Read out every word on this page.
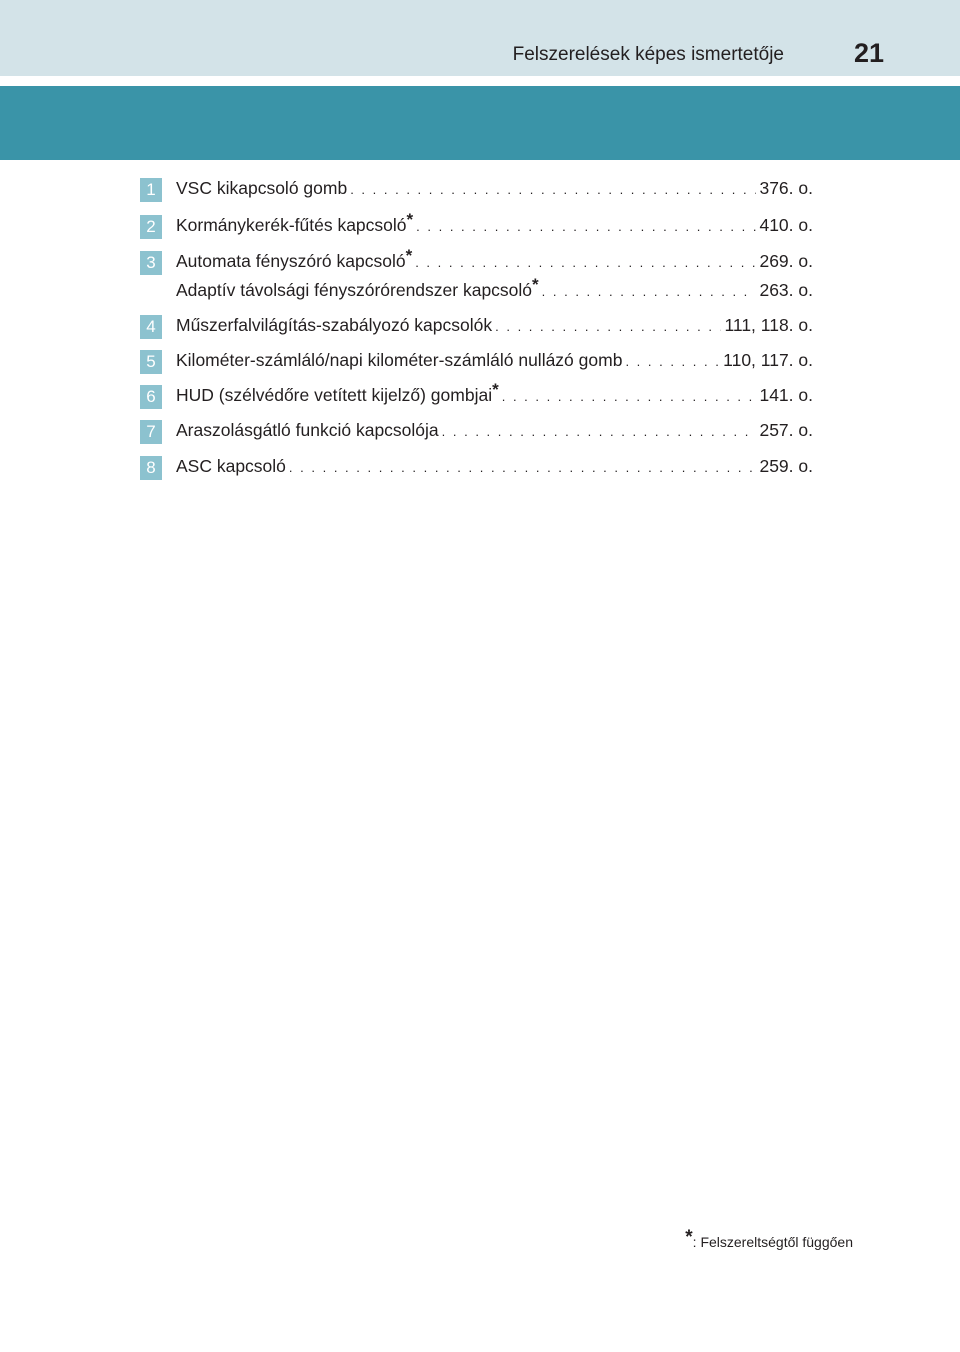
Felszerelések képes ismertetője	21
1	VSC kikapcsoló gomb . . .	376. o.
2	Kormánykerék-fűtés kapcsoló* . . .	410. o.
3	Automata fényszóró kapcsoló* . . .	269. o.
Adaptív távolsági fényszórórendszer kapcsoló* . . .	263. o.
4	Műszerfalvilágítás-szabályozó kapcsolók . . .	111, 118. o.
5	Kilométer-számláló/napi kilométer-számláló nullázó gomb . . .	110, 117. o.
6	HUD (szélvédőre vetített kijelző) gombjai* . . .	141. o.
7	Araszolásgátló funkció kapcsolója . . .	257. o.
8	ASC kapcsoló . . .	259. o.
*: Felszereltségtől függően
